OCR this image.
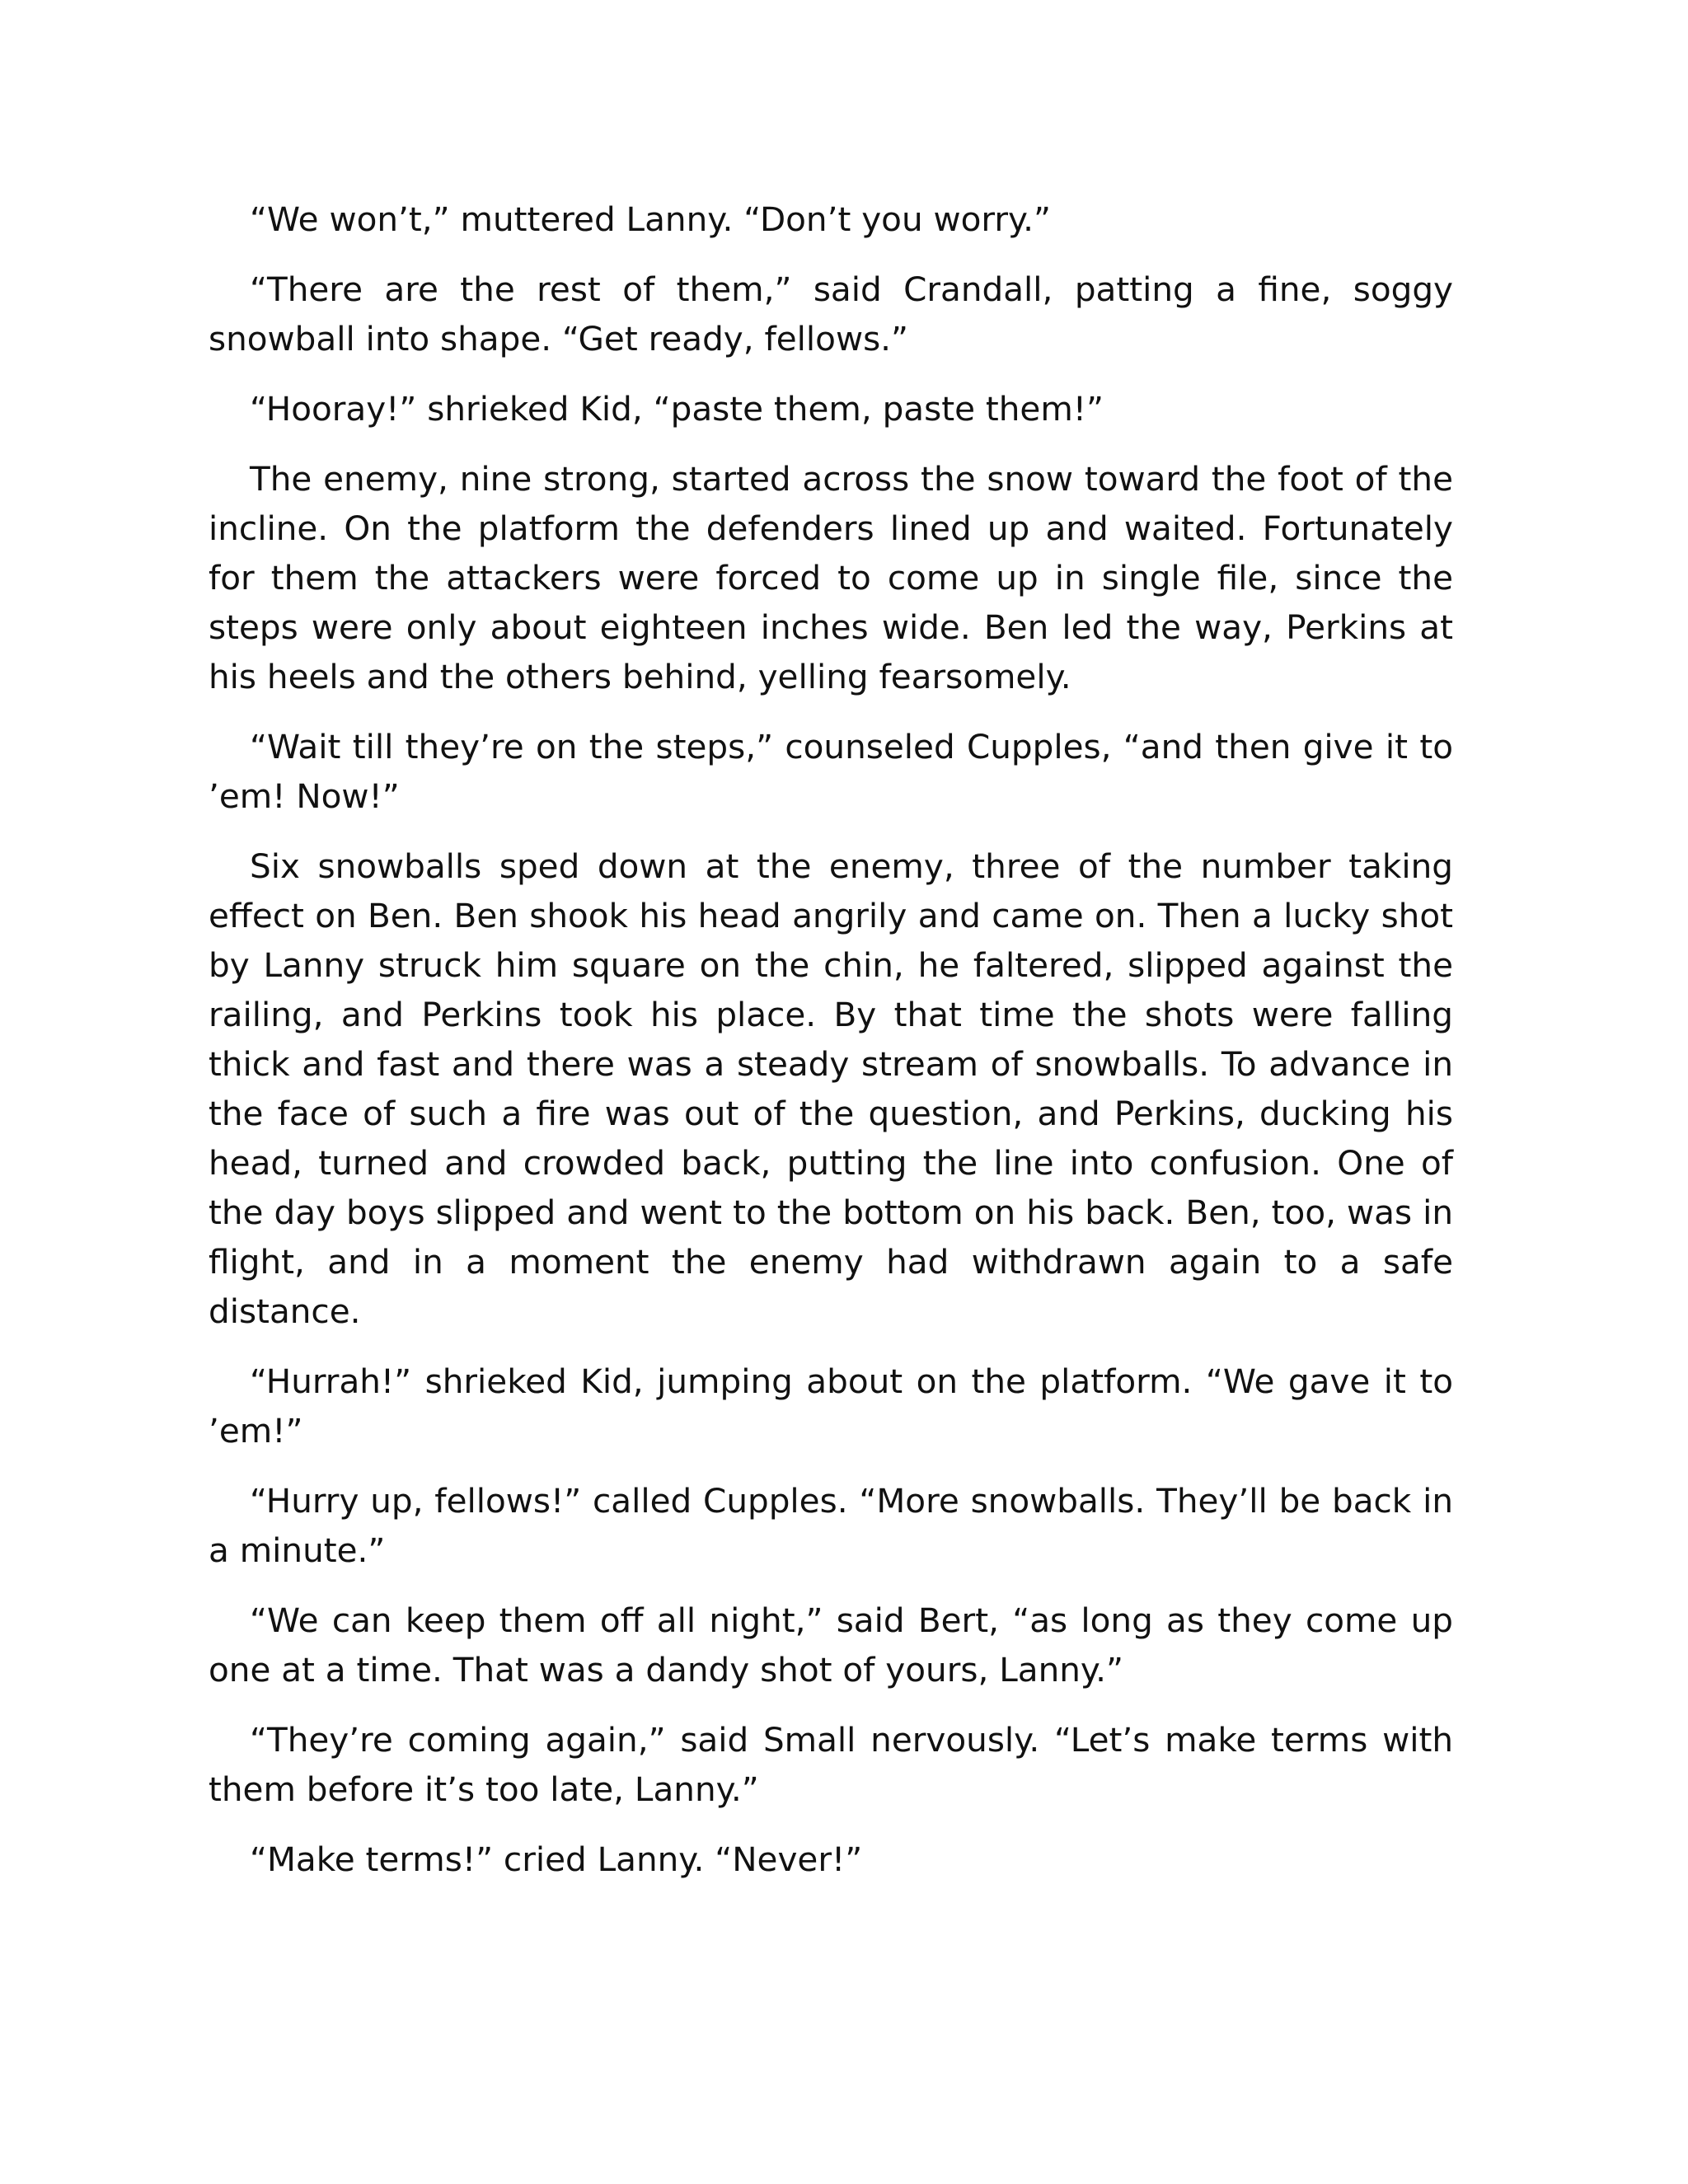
“We won’t,” muttered Lanny. “Don’t you worry.”

“There are the rest of them,” said Crandall, patting a fine, soggy snowball into shape. “Get ready, fellows.”

“Hooray!” shrieked Kid, “paste them, paste them!”

The enemy, nine strong, started across the snow toward the foot of the incline. On the platform the defenders lined up and waited. Fortunately for them the attackers were forced to come up in single file, since the steps were only about eighteen inches wide. Ben led the way, Perkins at his heels and the others behind, yelling fearsomely.

“Wait till they’re on the steps,” counseled Cupples, “and then give it to ’em! Now!”

Six snowballs sped down at the enemy, three of the number taking effect on Ben. Ben shook his head angrily and came on. Then a lucky shot by Lanny struck him square on the chin, he faltered, slipped against the railing, and Perkins took his place. By that time the shots were falling thick and fast and there was a steady stream of snowballs. To advance in the face of such a fire was out of the question, and Perkins, ducking his head, turned and crowded back, putting the line into confusion. One of the day boys slipped and went to the bottom on his back. Ben, too, was in flight, and in a moment the enemy had withdrawn again to a safe distance.

“Hurrah!” shrieked Kid, jumping about on the platform. “We gave it to ’em!”

“Hurry up, fellows!” called Cupples. “More snowballs. They’ll be back in a minute.”

“We can keep them off all night,” said Bert, “as long as they come up one at a time. That was a dandy shot of yours, Lanny.”

“They’re coming again,” said Small nervously. “Let’s make terms with them before it’s too late, Lanny.”

“Make terms!” cried Lanny. “Never!”
